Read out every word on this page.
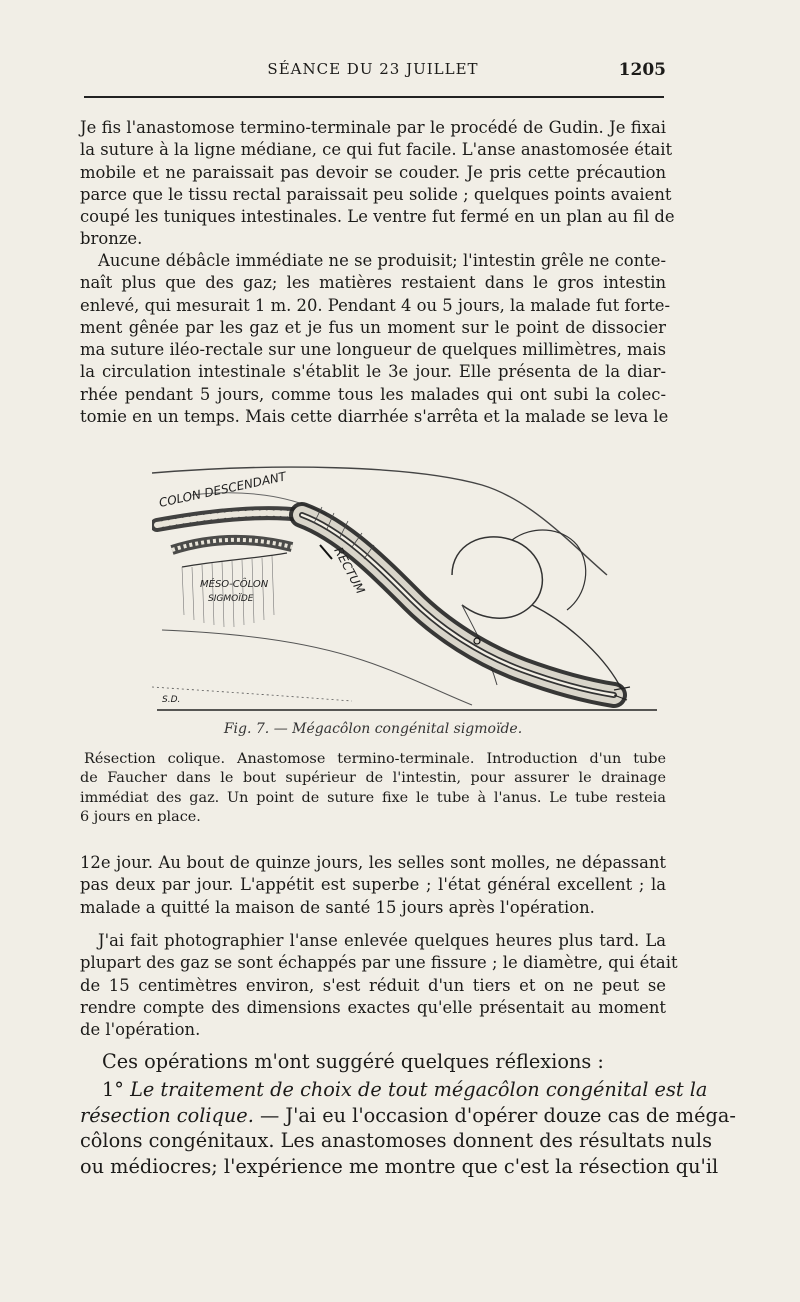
SÉANCE DU 23 JUILLET	1205

Je fis l'anastomose termino-terminale par le procédé de Gudin. Je fixai
la suture à la ligne médiane, ce qui fut facile. L'anse anastomosée était
mobile et ne paraissait pas devoir se couder. Je pris cette précaution
parce que le tissu rectal paraissait peu solide ; quelques points avaient
coupé les tuniques intestinales. Le ventre fut fermé en un plan au fil de
bronze.

Aucune débâcle immédiate ne se produisit; l'intestin grêle ne conte-
naît plus que des gaz; les matières restaient dans le gros intestin
enlevé, qui mesurait 1 m. 20. Pendant 4 ou 5 jours, la malade fut forte-
ment gênée par les gaz et je fus un moment sur le point de dissocier
ma suture iléo-rectale sur une longueur de quelques millimètres, mais
la circulation intestinale s'établit le 3e jour. Elle présenta de la diar-
rhée pendant 5 jours, comme tous les malades qui ont subi la colec-
tomie en un temps. Mais cette diarrhée s'arrêta et la malade se leva le

COLON DESCENDANT
RECTUM
MÉSO-CÔLON
SIGMOÏDE
S.D.
Fig. 7. — Mégacôlon congénital sigmoïde.

Résection colique. Anastomose termino-terminale. Introduction d'un tube
de Faucher dans le bout supérieur de l'intestin, pour assurer le drainage
immédiat des gaz. Un point de suture fixe le tube à l'anus. Le tube resteia
6 jours en place.

12e jour. Au bout de quinze jours, les selles sont molles, ne dépassant
pas deux par jour. L'appétit est superbe ; l'état général excellent ; la
malade a quitté la maison de santé 15 jours après l'opération.

J'ai fait photographier l'anse enlevée quelques heures plus tard. La
plupart des gaz se sont échappés par une fissure ; le diamètre, qui était
de 15 centimètres environ, s'est réduit d'un tiers et on ne peut se
rendre compte des dimensions exactes qu'elle présentait au moment
de l'opération.

Ces opérations m'ont suggéré quelques réflexions :

1° Le traitement de choix de tout mégacôlon congénital est la
résection colique. — J'ai eu l'occasion d'opérer douze cas de méga-
côlons congénitaux. Les anastomoses donnent des résultats nuls
ou médiocres; l'expérience me montre que c'est la résection qu'il
